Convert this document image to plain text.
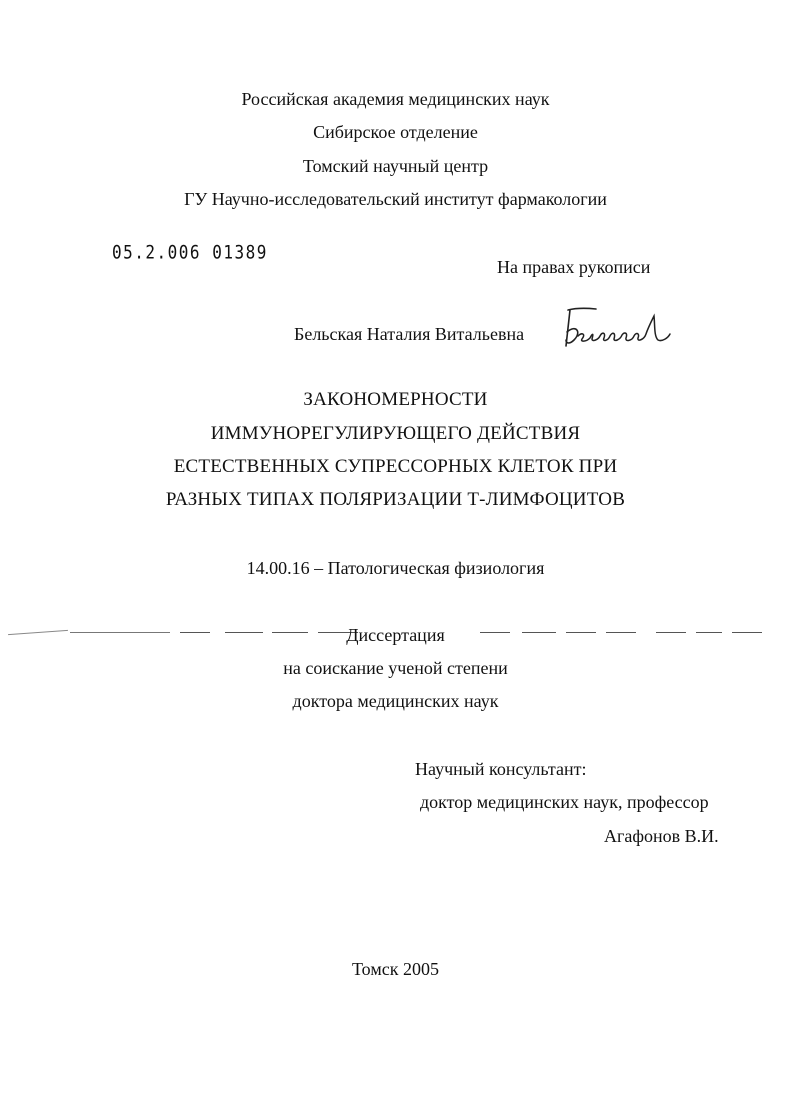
Российская академия медицинских наук
Сибирское отделение
Томский научный центр
ГУ Научно-исследовательский институт фармакологии
05.2.006 01389
На правах рукописи
Бельская Наталия Витальевна
ЗАКОНОМЕРНОСТИ
ИММУНОРЕГУЛИРУЮЩЕГО ДЕЙСТВИЯ
ЕСТЕСТВЕННЫХ СУПРЕССОРНЫХ КЛЕТОК ПРИ
РАЗНЫХ ТИПАХ ПОЛЯРИЗАЦИИ Т-ЛИМФОЦИТОВ
14.00.16 – Патологическая физиология
Диссертация
на соискание ученой степени
доктора медицинских наук
Научный консультант:
доктор медицинских наук, профессор
Агафонов В.И.
Томск 2005
